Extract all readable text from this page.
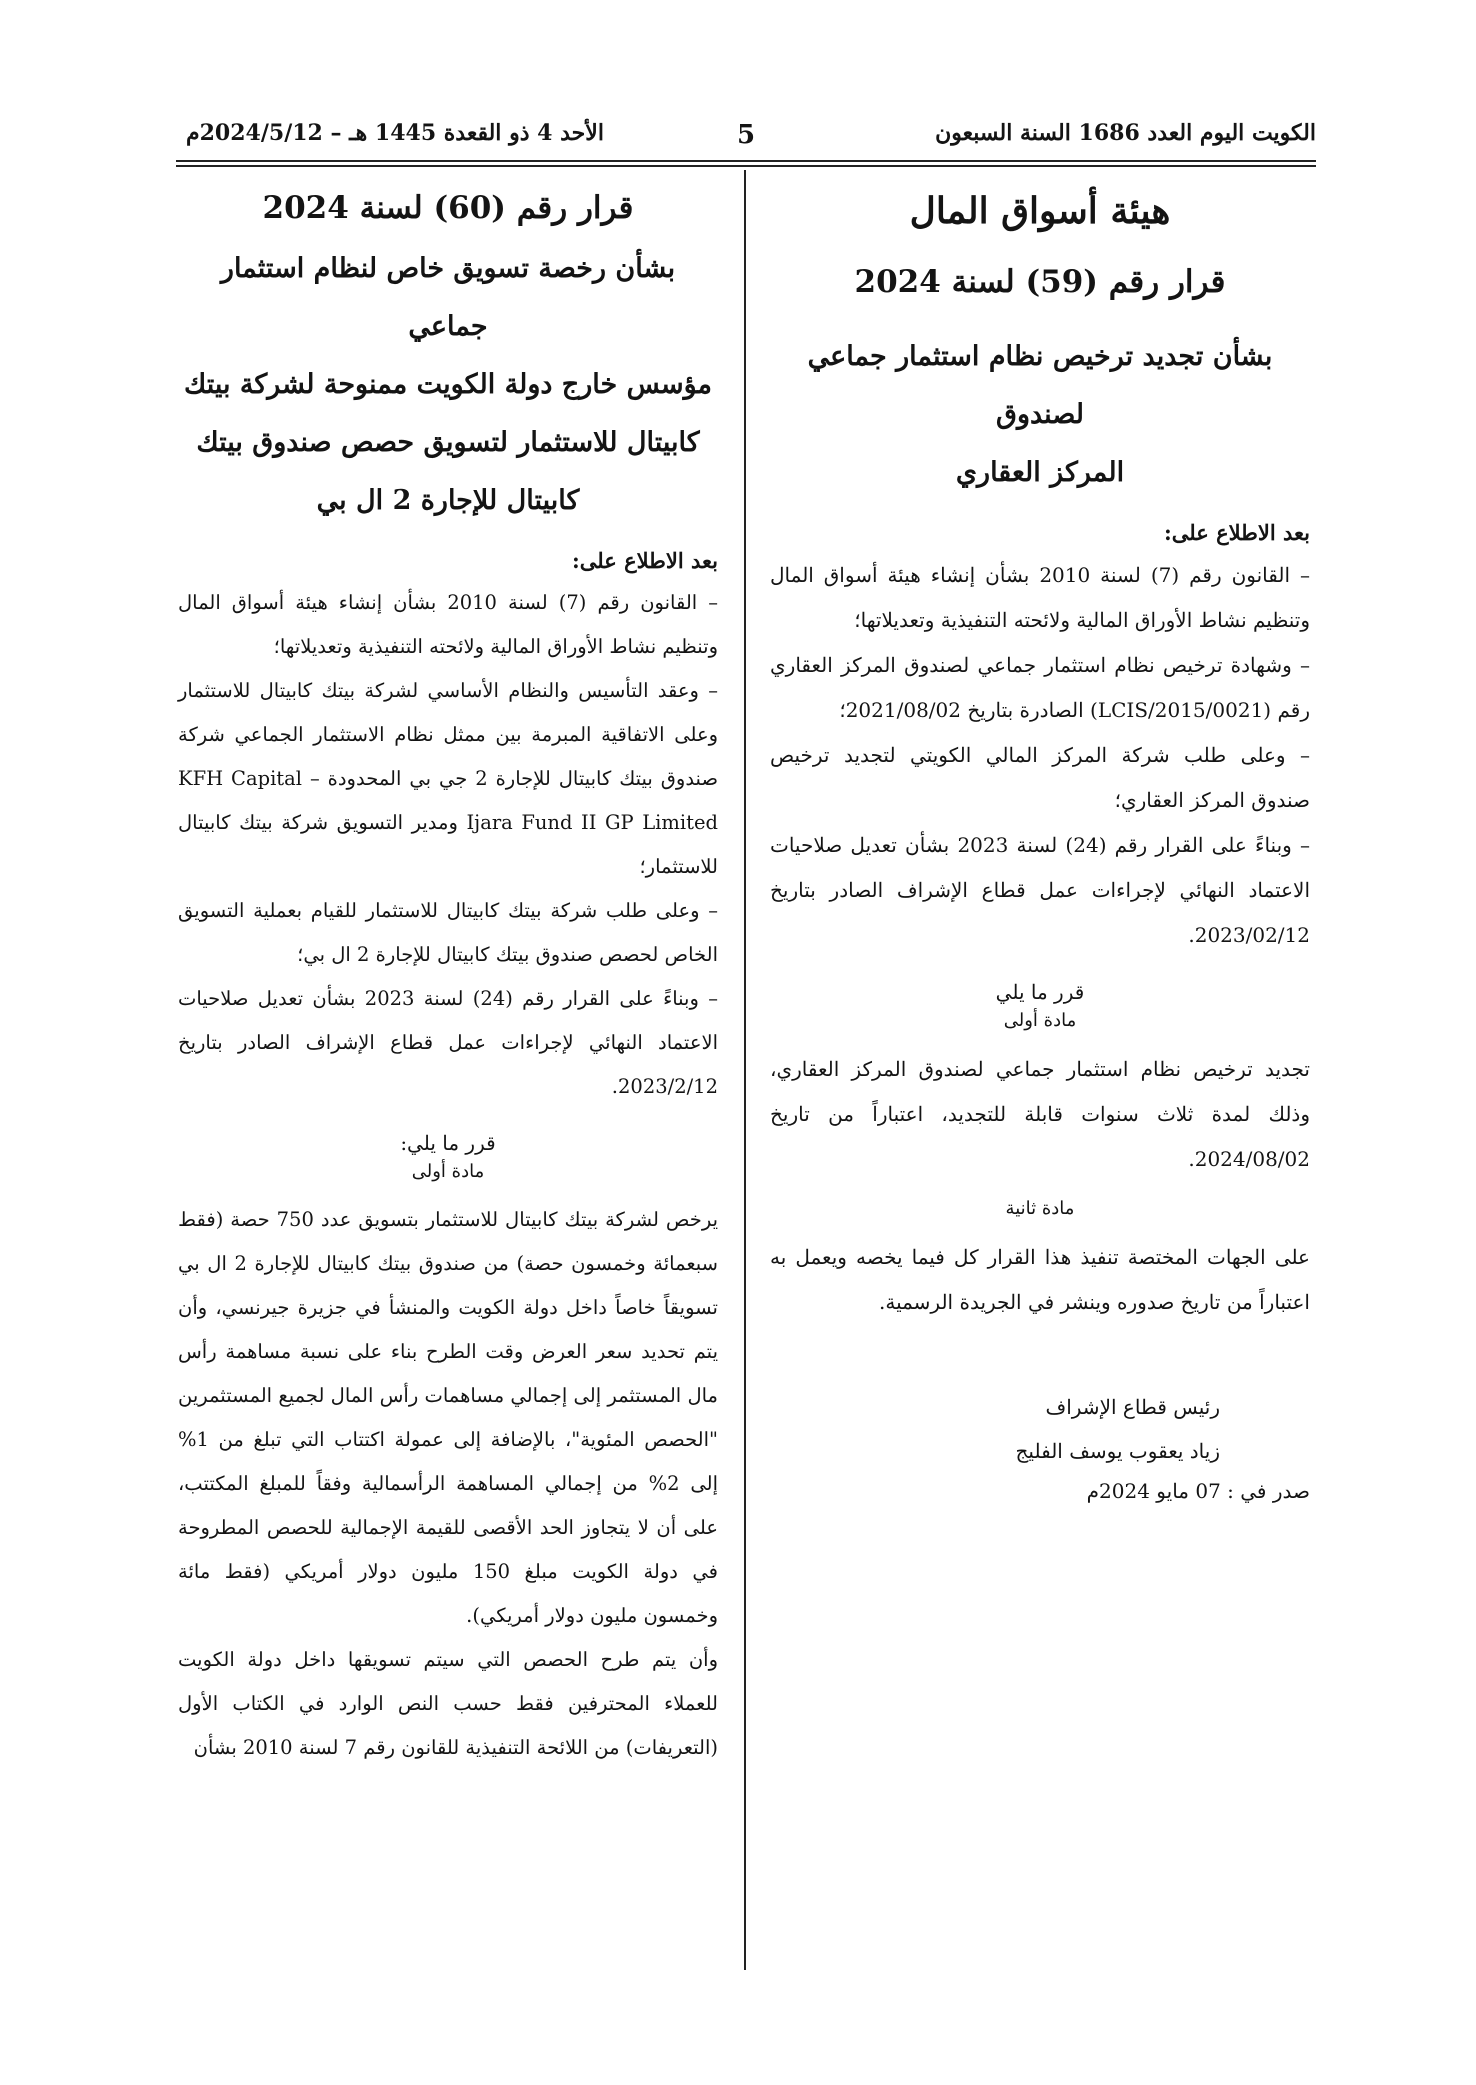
5	الكويت اليوم العدد 1686 السنة السبعون
الأحد 4 ذو القعدة 1445 هـ – 2024/5/12م
هيئة أسواق المال
قرار رقم (59) لسنة 2024
بشأن تجديد ترخيص نظام استثمار جماعي لصندوق
المركز العقاري
بعد الاطلاع على:

– القانون رقم (7) لسنة 2010 بشأن إنشاء هيئة أسواق المال وتنظيم نشاط الأوراق المالية ولائحته التنفيذية وتعديلاتها؛

– وشهادة ترخيص نظام استثمار جماعي لصندوق المركز العقاري رقم (LCIS/2015/0021) الصادرة بتاريخ 2021/08/02؛

– وعلى طلب شركة المركز المالي الكويتي لتجديد ترخيص صندوق المركز العقاري؛

– وبناءً على القرار رقم (24) لسنة 2023 بشأن تعديل صلاحيات الاعتماد النهائي لإجراءات عمل قطاع الإشراف الصادر بتاريخ 2023/02/12.

قرر ما يلي
مادة أولى

تجديد ترخيص نظام استثمار جماعي لصندوق المركز العقاري، وذلك لمدة ثلاث سنوات قابلة للتجديد، اعتباراً من تاريخ 2024/08/02.

مادة ثانية

على الجهات المختصة تنفيذ هذا القرار كل فيما يخصه ويعمل به اعتباراً من تاريخ صدوره وينشر في الجريدة الرسمية.

رئيس قطاع الإشراف

زياد يعقوب يوسف الفليج

صدر في : 07 مايو 2024م
قرار رقم (60) لسنة 2024
بشأن رخصة تسويق خاص لنظام استثمار جماعي
مؤسس خارج دولة الكويت ممنوحة لشركة بيتك
كابيتال للاستثمار لتسويق حصص صندوق بيتك
كابيتال للإجارة 2 ال بي
بعد الاطلاع على:

– القانون رقم (7) لسنة 2010 بشأن إنشاء هيئة أسواق المال وتنظيم نشاط الأوراق المالية ولائحته التنفيذية وتعديلاتها؛

– وعقد التأسيس والنظام الأساسي لشركة بيتك كابيتال للاستثمار وعلى الاتفاقية المبرمة بين ممثل نظام الاستثمار الجماعي شركة صندوق بيتك كابيتال للإجارة 2 جي بي المحدودة – KFH Capital Ijara Fund II GP Limited ومدير التسويق شركة بيتك كابيتال للاستثمار؛

– وعلى طلب شركة بيتك كابيتال للاستثمار للقيام بعملية التسويق الخاص لحصص صندوق بيتك كابيتال للإجارة 2 ال بي؛

– وبناءً على القرار رقم (24) لسنة 2023 بشأن تعديل صلاحيات الاعتماد النهائي لإجراءات عمل قطاع الإشراف الصادر بتاريخ 2023/2/12.

قرر ما يلي:
مادة أولى

يرخص لشركة بيتك كابيتال للاستثمار بتسويق عدد 750 حصة (فقط سبعمائة وخمسون حصة) من صندوق بيتك كابيتال للإجارة 2 ال بي تسويقاً خاصاً داخل دولة الكويت والمنشأ في جزيرة جيرنسي، وأن يتم تحديد سعر العرض وقت الطرح بناء على نسبة مساهمة رأس مال المستثمر إلى إجمالي مساهمات رأس المال لجميع المستثمرين "الحصص المئوية"، بالإضافة إلى عمولة اكتتاب التي تبلغ من 1% إلى 2% من إجمالي المساهمة الرأسمالية وفقاً للمبلغ المكتتب، على أن لا يتجاوز الحد الأقصى للقيمة الإجمالية للحصص المطروحة في دولة الكويت مبلغ 150 مليون دولار أمريكي (فقط مائة وخمسون مليون دولار أمريكي).

وأن يتم طرح الحصص التي سيتم تسويقها داخل دولة الكويت للعملاء المحترفين فقط حسب النص الوارد في الكتاب الأول (التعريفات) من اللائحة التنفيذية للقانون رقم 7 لسنة 2010 بشأن
